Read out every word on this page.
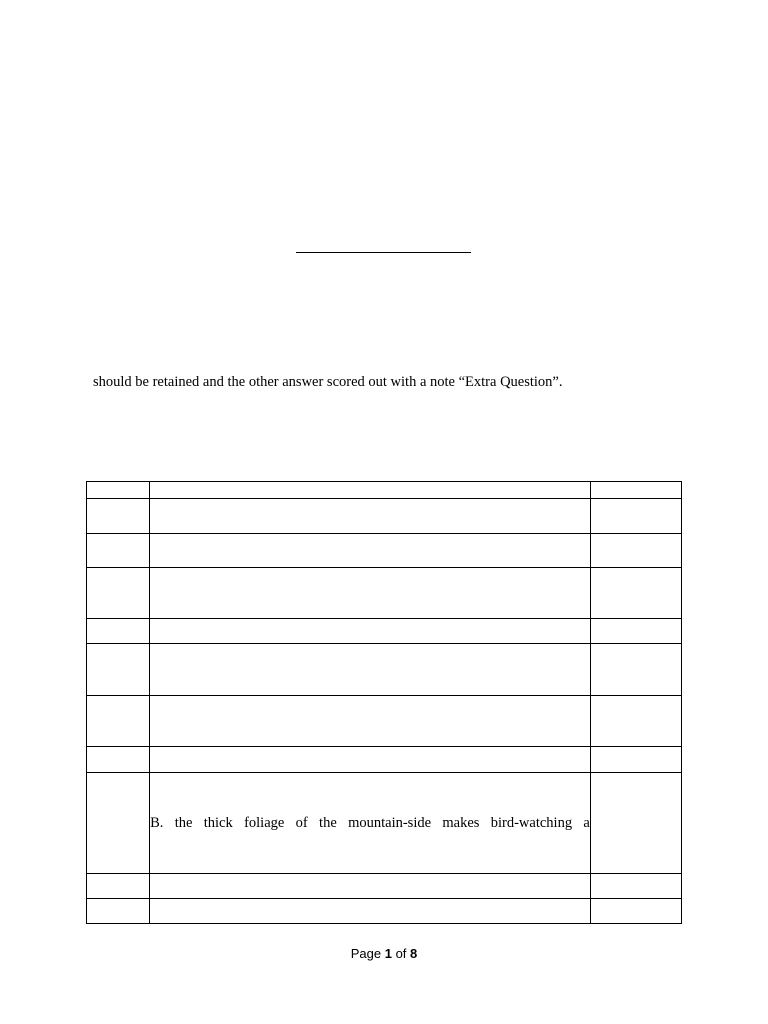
should be retained and the other answer scored out with a note “Extra Question”.

	B. the thick foliage of the mountain-side makes bird-watching a	

Page 1 of 8
